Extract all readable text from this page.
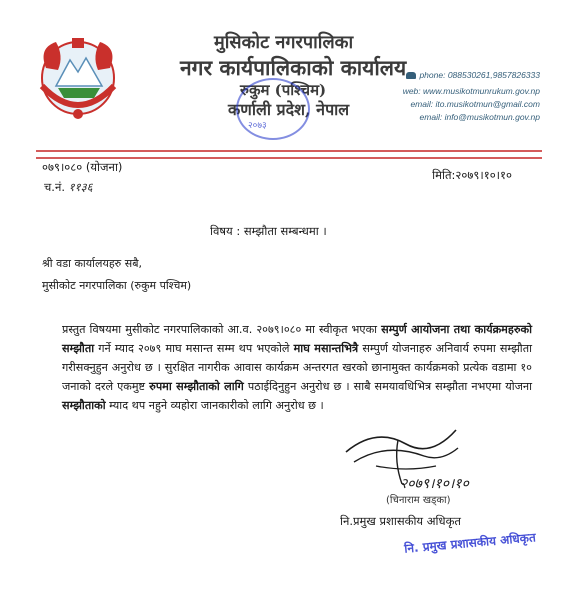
मुसिकोट नगरपालिका
नगर कार्यपालिकाको कार्यालय
रुकुम (पश्चिम)
कर्णाली प्रदेश, नेपाल
२०७३
phone: 088530261,9857826333
web: www.musikotmunrukum.gov.np
email: ito.musikotmun@gmail.com
email: info@musikotmun.gov.np
०७९।०८० (योजना)
च.नं. ११३६
मिति:२०७९।१०।१०
विषय : सम्झौता सम्बन्धमा ।
श्री वडा कार्यालयहरु सबै,
मुसीकोट नगरपालिका (रुकुम पश्चिम)
प्रस्तुत विषयमा मुसीकोट नगरपालिकाको आ.व. २०७९।०८० मा स्वीकृत भएका सम्पुर्ण आयोजना तथा कार्यक्रमहरुको सम्झौता गर्ने म्याद २०७९ माघ मसान्त सम्म थप भएकोले माघ मसान्तभित्रै सम्पुर्ण योजनाहरु अनिवार्य रुपमा सम्झौता गरीसक्नुहुन अनुरोध छ । सुरक्षित नागरीक आवास कार्यक्रम अन्तरगत खरको छानामुक्त कार्यक्रमको प्रत्येक वडामा १० जनाको दरले एकमुष्ट रुपमा सम्झौताको लागि पठाईदिनुहुन अनुरोध छ । साबै समयावधिभित्र सम्झौता नभएमा योजना सम्झौताको म्याद थप नहुने व्यहोरा जानकारीको लागि अनुरोध छ ।
२०७९।१०।१०
(चिनाराम खड्का)
नि.प्रमुख प्रशासकीय अधिकृत
नि. प्रमुख प्रशासकीय अधिकृत
